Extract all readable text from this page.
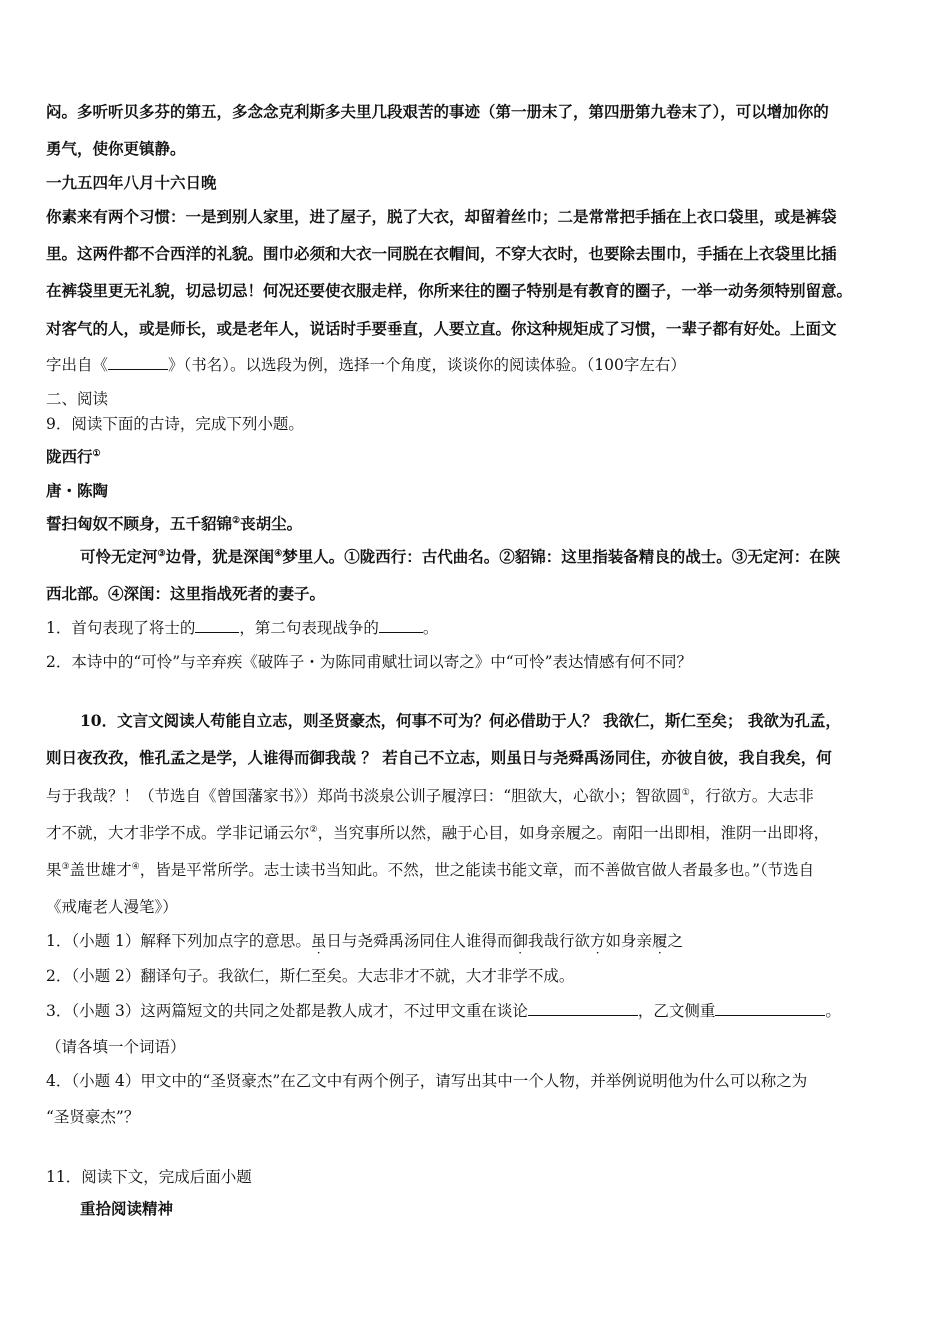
闷。多听听贝多芬的第五，多念念克利斯多夫里几段艰苦的事迹（第一册末了，第四册第九卷末了），可以增加你的
勇气，使你更镇静。
一九五四年八月十六日晚
你素来有两个习惯：一是到别人家里，进了屋子，脱了大衣，却留着丝巾；二是常常把手插在上衣口袋里，或是裤袋
里。这两件都不合西洋的礼貌。围巾必须和大衣一同脱在衣帽间，不穿大衣时，也要除去围巾，手插在上衣袋里比插
在裤袋里更无礼貌，切忌切忌！何况还要使衣服走样，你所来往的圈子特别是有教育的圈子，一举一动务须特别留意。
对客气的人，或是师长，或是老年人，说话时手要垂直，人要立直。你这种规矩成了习惯，一辈子都有好处。上面文
字出自《	》（书名）。以选段为例，选择一个角度，谈谈你的阅读体验。（100字左右）
二、阅读
9．阅读下面的古诗，完成下列小题。
陇西行①
唐・陈陶
誓扫匈奴不顾身，五千貂锦②丧胡尘。
可怜无定河③边骨，犹是深闺④梦里人。①陇西行：古代曲名。②貂锦：这里指装备精良的战士。③无定河：在陕
西北部。④深闺：这里指战死者的妻子。
1．首句表现了将士的	，第二句表现战争的	。
2．本诗中的“可怜”与辛弃疾《破阵子・为陈同甫赋壮词以寄之》中“可怜”表达情感有何不同？
10．文言文阅读人苟能自立志，则圣贤豪杰，何事不可为？何必借助于人？ 我欲仁，斯仁至矣； 我欲为孔孟，
则日夜孜孜，惟孔孟之是学，人谁得而御我哉 ？ 若自己不立志，则虽日与尧舜禹汤同住，亦彼自彼，我自我矣，何
与于我哉？！（节选自《曾国藩家书》）郑尚书淡泉公训子履淳曰：“胆欲大，心欲小；智欲圆①，行欲方。大志非
才不就，大才非学不成。学非记诵云尔②，当究事所以然，融于心目，如身亲履之。南阳一出即相，淮阴一出即将，
果③盖世雄才④，皆是平常所学。志士读书当知此。不然，世之能读书能文章，而不善做官做人者最多也。”（节选自
《戒庵老人漫笔》）
1．（小题 1）解释下列加点字的意思。虽日与尧舜禹汤同住人谁得而御我哉行欲方如身亲履之
2．（小题 2）翻译句子。我欲仁，斯仁至矣。大志非才不就，大才非学不成。
3．（小题 3）这两篇短文的共同之处都是教人成才，不过甲文重在谈论	，乙文侧重	。
（请各填一个词语）
4．（小题 4）甲文中的“圣贤豪杰”在乙文中有两个例子，请写出其中一个人物，并举例说明他为什么可以称之为
“圣贤豪杰”？
11．阅读下文，完成后面小题
重拾阅读精神
